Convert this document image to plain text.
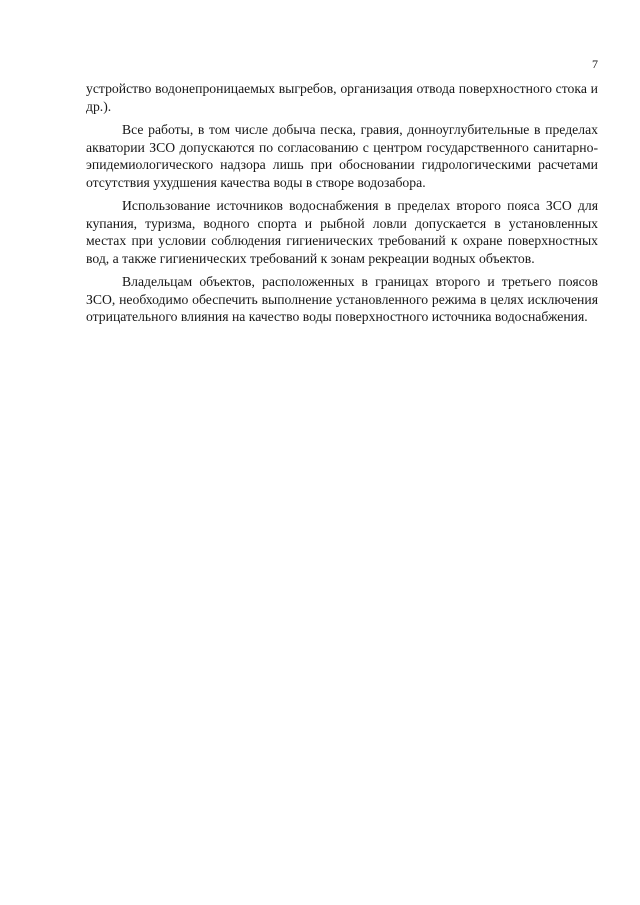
7

устройство водонепроницаемых выгребов, организация отвода поверхностного стока и др.).

Все работы, в том числе добыча песка, гравия, донноуглубительные в пределах акватории ЗСО допускаются по согласованию с центром государственного санитарно-эпидемиологического надзора лишь при обосновании гидрологическими расчетами отсутствия ухудшения качества воды в створе водозабора.

Использование источников водоснабжения в пределах второго пояса ЗСО для купания, туризма, водного спорта и рыбной ловли допускается в установленных местах при условии соблюдения гигиенических требований к охране поверхностных вод, а также гигиенических требований к зонам рекреации водных объектов.

Владельцам объектов, расположенных в границах второго и третьего поясов ЗСО, необходимо обеспечить выполнение установленного режима в целях исключения отрицательного влияния на качество воды поверхностного источника водоснабжения.
